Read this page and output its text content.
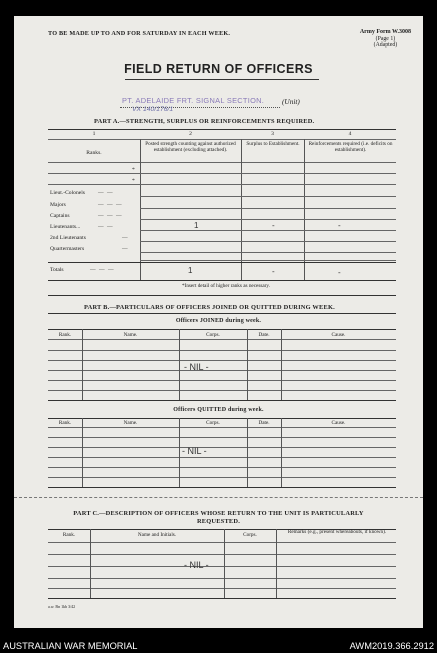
TO BE MADE UP TO AND FOR SATURDAY IN EACH WEEK.	Army Form W.3008
(Page 1)
(Adapted)
FIELD RETURN OF OFFICERS
PT. ADELAIDE FRT. SIGNAL SECTION.
VX 140/176/1
(Unit)
PART A.—STRENGTH, SURPLUS OR REINFORCEMENTS REQUIRED.
1	2	3	4
Ranks.
Posted strength counting against authorized establishment (excluding attached).
Surplus to Establishment.	Reinforcements required (i.e. deficits on establishment).
*
*
Lieut.-Colonels — —
Majors	— — —
Captains	— — —
Lieutenants...	— —	1	-	-
2nd Lieutenants	—
Quartermasters	—
Totals	— — —	1	-	-
*Insert detail of higher ranks as necessary.
PART B.—PARTICULARS OF OFFICERS JOINED OR QUITTED DURING WEEK.
Officers JOINED during week.
Rank.	Name.	Corps.	Date.	Cause.
- NIL -
Officers QUITTED during week.
Rank.	Name.	Corps.	Date.	Cause.
- NIL -
PART C.—DESCRIPTION OF OFFICERS WHOSE RETURN TO THE UNIT IS PARTICULARLY
REQUESTED.
Rank.	Name and Initials.	Corps.	Remarks (e.g., present whereabouts, if known).
- NIL -
a.w. Bn 1kb 3/42
AUSTRALIAN WAR MEMORIAL	AWM2019.366.2912
